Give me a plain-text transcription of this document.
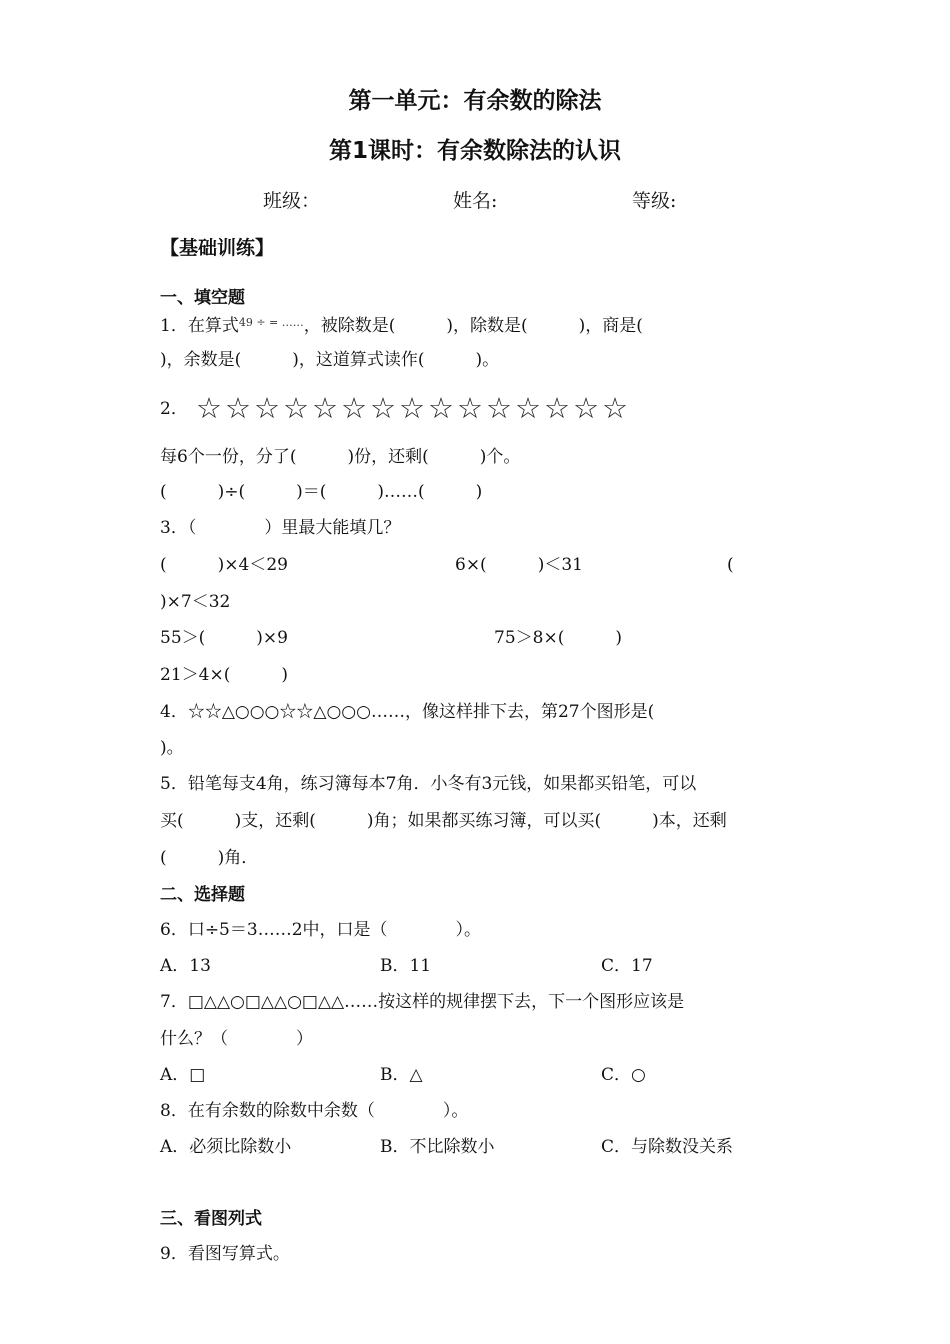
第一单元：有余数的除法
第1课时：有余数除法的认识
班级：	姓名:	等级:
【基础训练】
一、填空题
1．在算式$^{49 \div = \dots\dots}$，被除数是(　　　)，除数是(　　　)，商是(
)，余数是(　　　)，这道算式读作(　　　)。
2． ☆☆☆☆☆☆☆☆☆☆☆☆☆☆☆
每6个一份，分了(　　　)份，还剩(　　　)个。
(　　　)÷(　　　)＝(　　　)……(　　　)
3．（　　　　）里最大能填几？
(　　　)×4＜29	6×(　　　)＜31	(
)×7＜32
55＞(　　　)×9	75＞8×(　　　)
21＞4×(　　　)
4．☆☆△○○○☆☆△○○○……，像这样排下去，第27个图形是(
)。
5．铅笔每支4角，练习簿每本7角．小冬有3元钱，如果都买铅笔，可以
买(　　　)支，还剩(　　　)角；如果都买练习簿，可以买(　　　)本，还剩
(　　　)角．
二、选择题
6．口÷5＝3……2中，口是（　　　　）。
A．13	B．11	C．17
7．□△△○□△△○□△△……按这样的规律摆下去，下一个图形应该是
什么？（　　　　）
A．□	B．△	C．○
8．在有余数的除数中余数（　　　　）。
A．必须比除数小	B．不比除数小	C．与除数没关系
三、看图列式
9．看图写算式。
